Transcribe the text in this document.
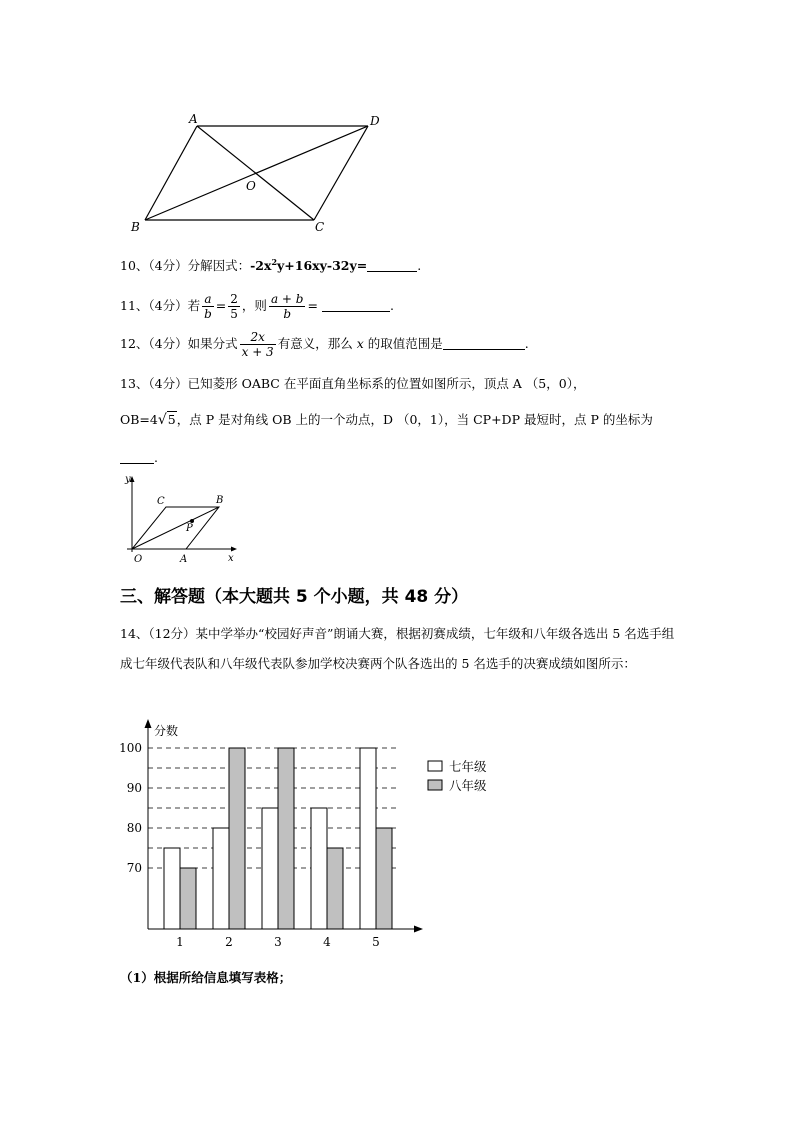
A	D
O
B	C
10、（4分）分解因式：$-2x^2y+16xy-32y=$	.
11、（4分）若 $\frac{a}{b} = \frac{2}{5}$ ，则 $\frac{a + b}{b}$ =	.
12、（4分）如果分式 $\frac{2x}{x + 3}$ 有意义，那么 x 的取值范围是	.
13、（4分）已知菱形 OABC 在平面直角坐标系的位置如图所示，顶点 A （5，0），
OB=4√5，点 P 是对角线 OB 上的一个动点，D （0，1），当 CP+DP 最短时，点 P 的坐标为
.
y
x
O	A
B
C
P
三、解答题（本大题共 5 个小题，共 48 分）
14、（12分）某中学举办“校园好声音”朗诵大赛，根据初赛成绩，七年级和八年级各选出 5 名选手组成七年级代表队和八年级代表队参加学校决赛两个队各选出的 5 名选手的决赛成绩如图所示：
分数
70
80
90
100
1	2	3	4	5
七年级
八年级
（1）根据所给信息填写表格；
